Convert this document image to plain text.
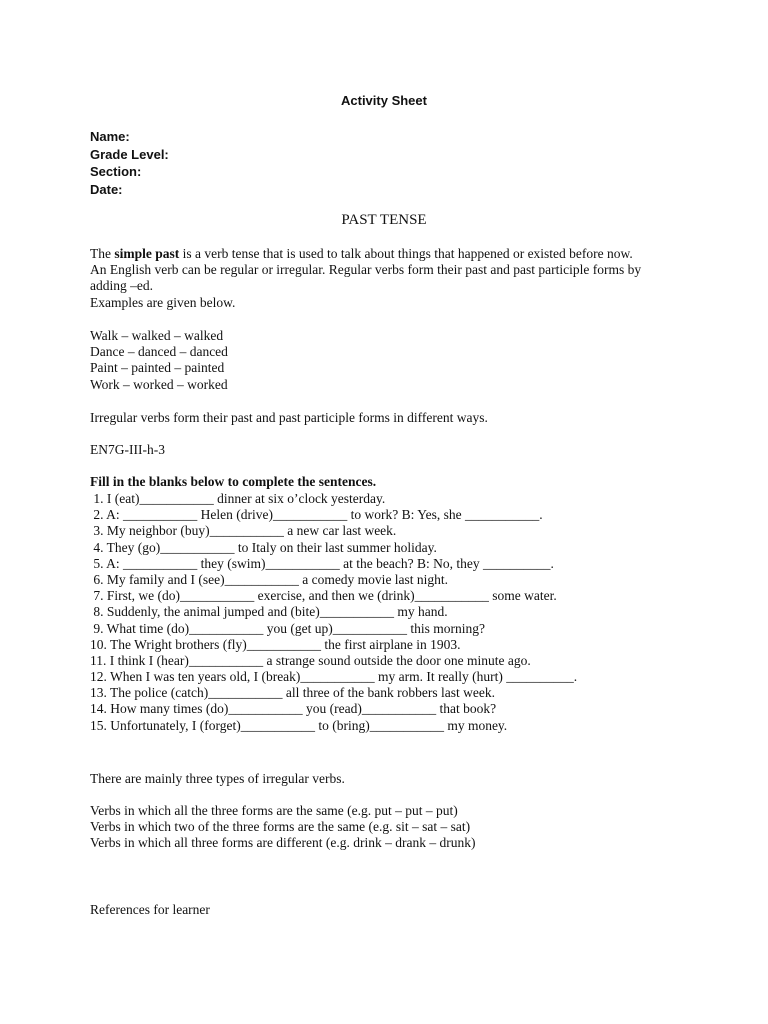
Activity Sheet
Name:
Grade Level:
Section:
Date:
PAST TENSE
The simple past is a verb tense that is used to talk about things that happened or existed before now.
An English verb can be regular or irregular. Regular verbs form their past and past participle forms by
adding –ed.
Examples are given below.
Walk – walked – walked
Dance – danced – danced
Paint – painted – painted
Work – worked – worked
Irregular verbs form their past and past participle forms in different ways.
EN7G-III-h-3
Fill in the blanks below to complete the sentences.
1. I (eat)___________ dinner at six o’clock yesterday.
2. A: ___________ Helen (drive)___________ to work? B: Yes, she ___________.
3. My neighbor (buy)___________ a new car last week.
4. They (go)___________ to Italy on their last summer holiday.
5. A: ___________ they (swim)___________ at the beach? B: No, they __________.
6. My family and I (see)___________ a comedy movie last night.
7. First, we (do)___________ exercise, and then we (drink)___________ some water.
8. Suddenly, the animal jumped and (bite)___________ my hand.
9. What time (do)___________ you (get up)___________ this morning?
10. The Wright brothers (fly)___________ the first airplane in 1903.
11. I think I (hear)___________ a strange sound outside the door one minute ago.
12. When I was ten years old, I (break)___________ my arm. It really (hurt) __________.
13. The police (catch)___________ all three of the bank robbers last week.
14. How many times (do)___________ you (read)___________ that book?
15. Unfortunately, I (forget)___________ to (bring)___________ my money.
There are mainly three types of irregular verbs.
Verbs in which all the three forms are the same (e.g. put – put – put)
Verbs in which two of the three forms are the same (e.g. sit – sat – sat)
Verbs in which all three forms are different (e.g. drink – drank – drunk)
References for learner
